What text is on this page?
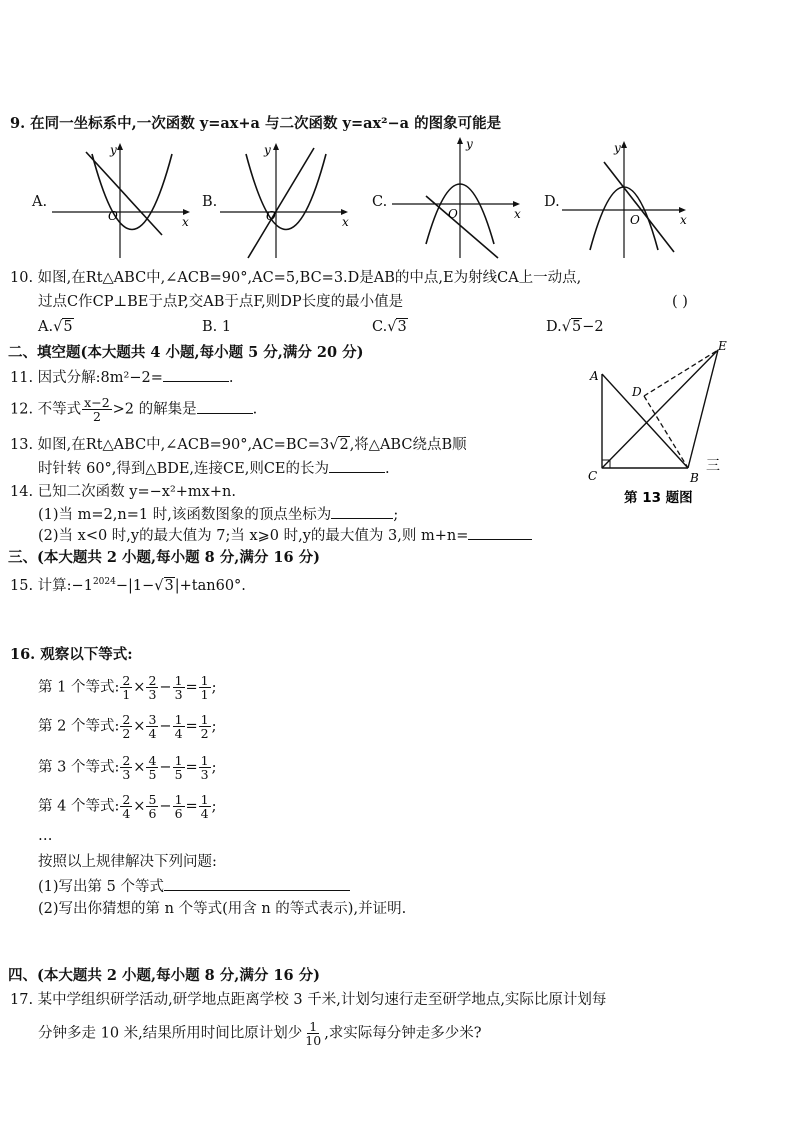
9. 在同一坐标系中,一次函数 y=ax+a 与二次函数 y=ax²−a 的图象可能是
A.	B.	C.	D.
O	x
y
O	x
y
O	x
y
O	x
y
10. 如图,在Rt△ABC中,∠ACB=90°,AC=5,BC=3.D是AB的中点,E为射线CA上一动点,
过点C作CP⊥BE于点P,交AB于点F,则DP长度的最小值是	( )
A.√5	B. 1	C.√3	D.√5−2
二、填空题(本大题共 4 小题,每小题 5 分,满分 20 分)
11. 因式分解:8m²−2=	.
12. 不等式 $\frac{x-2}{2} >2$ 的解集是	.
13. 如图,在Rt△ABC中,∠ACB=90°,AC=BC=3√2,将△ABC绕点B顺
时针转 60°,得到△BDE,连接CE,则CE的长为	.
A
D
E
C	B
三
第 13 题图
14. 已知二次函数 y=−x²+mx+n.
(1)当 m=2,n=1 时,该函数图象的顶点坐标为	;
(2)当 x<0 时,y的最大值为 7;当 x⩾0 时,y的最大值为 3,则 m+n=
三、(本大题共 2 小题,每小题 8 分,满分 16 分)
15. 计算$:-1^{2024}-|1-√3|+\tan 60^\circ$.
16. 观察以下等式:
第 1 个等式: $\frac{2}{1} \times \frac{2}{3} - \frac{1}{3} = \frac{1}{1}$ ;
第 2 个等式: $\frac{2}{2} \times \frac{3}{4} - \frac{1}{4} = \frac{1}{2}$ ;
第 3 个等式: $\frac{2}{3} \times \frac{4}{5} - \frac{1}{5} = \frac{1}{3}$ ;
第 4 个等式: $\frac{2}{4} \times \frac{5}{6} - \frac{1}{6} = \frac{1}{4}$ ;
…
按照以上规律解决下列问题:
(1)写出第 5 个等式
(2)写出你猜想的第 n 个等式(用含 n 的等式表示),并证明.
四、(本大题共 2 小题,每小题 8 分,满分 16 分)
17. 某中学组织研学活动,研学地点距离学校 3 千米,计划匀速行走至研学地点,实际比原计划每
分钟多走 10 米,结果所用时间比原计划少 $\frac{1}{10}$ ,求实际每分钟走多少米?
